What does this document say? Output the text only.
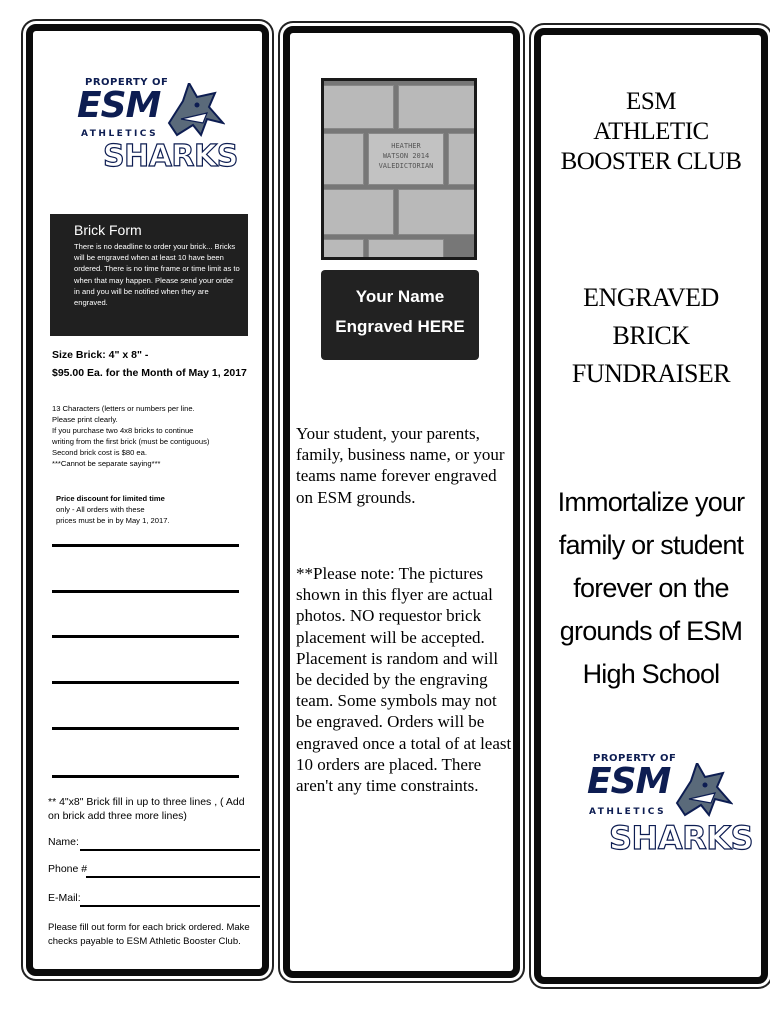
PROPERTY OF
ESM
ATHLETICS
SHARKS
Brick Form
There is no deadline to order your brick... Bricks will be engraved when at least 10 have been ordered. There is no time frame or time limit as to when that may happen. Please send your order in and you will be notified when they are engraved.
Size Brick: 4" x 8" -
$95.00 Ea. for the Month of May 1, 2017
13 Characters (letters or numbers per line.
Please print clearly.
If you purchase two 4x8 bricks to continue
writing from the first brick (must be contiguous)
Second brick cost is $80 ea.
***Cannot be separate saying***
Price discount for limited time
only - All orders with these
prices must be in by May 1, 2017.
** 4"x8" Brick fill in up to three lines , ( Add on brick add three more lines)
Name:
Phone #
E-Mail:
Please fill out form for each brick ordered. Make checks payable to ESM Athletic Booster Club.
HEATHER
WATSON 2014
VALEDICTORIAN
Your Name
Engraved HERE
Your student, your parents, family, business name, or your teams name forever engraved on ESM grounds.
**Please note: The pictures shown in this flyer are actual photos. NO requestor brick placement will be accepted. Placement is random and will be decided by the engraving team. Some symbols may not be engraved. Orders will be engraved once a total of at least 10 orders are placed. There aren't any time constraints.
ESM
ATHLETIC
BOOSTER CLUB
ENGRAVED
BRICK
FUNDRAISER
Immortalize your
family or student
forever on the
grounds of ESM
High School
PROPERTY OF
ESM
ATHLETICS
SHARKS
